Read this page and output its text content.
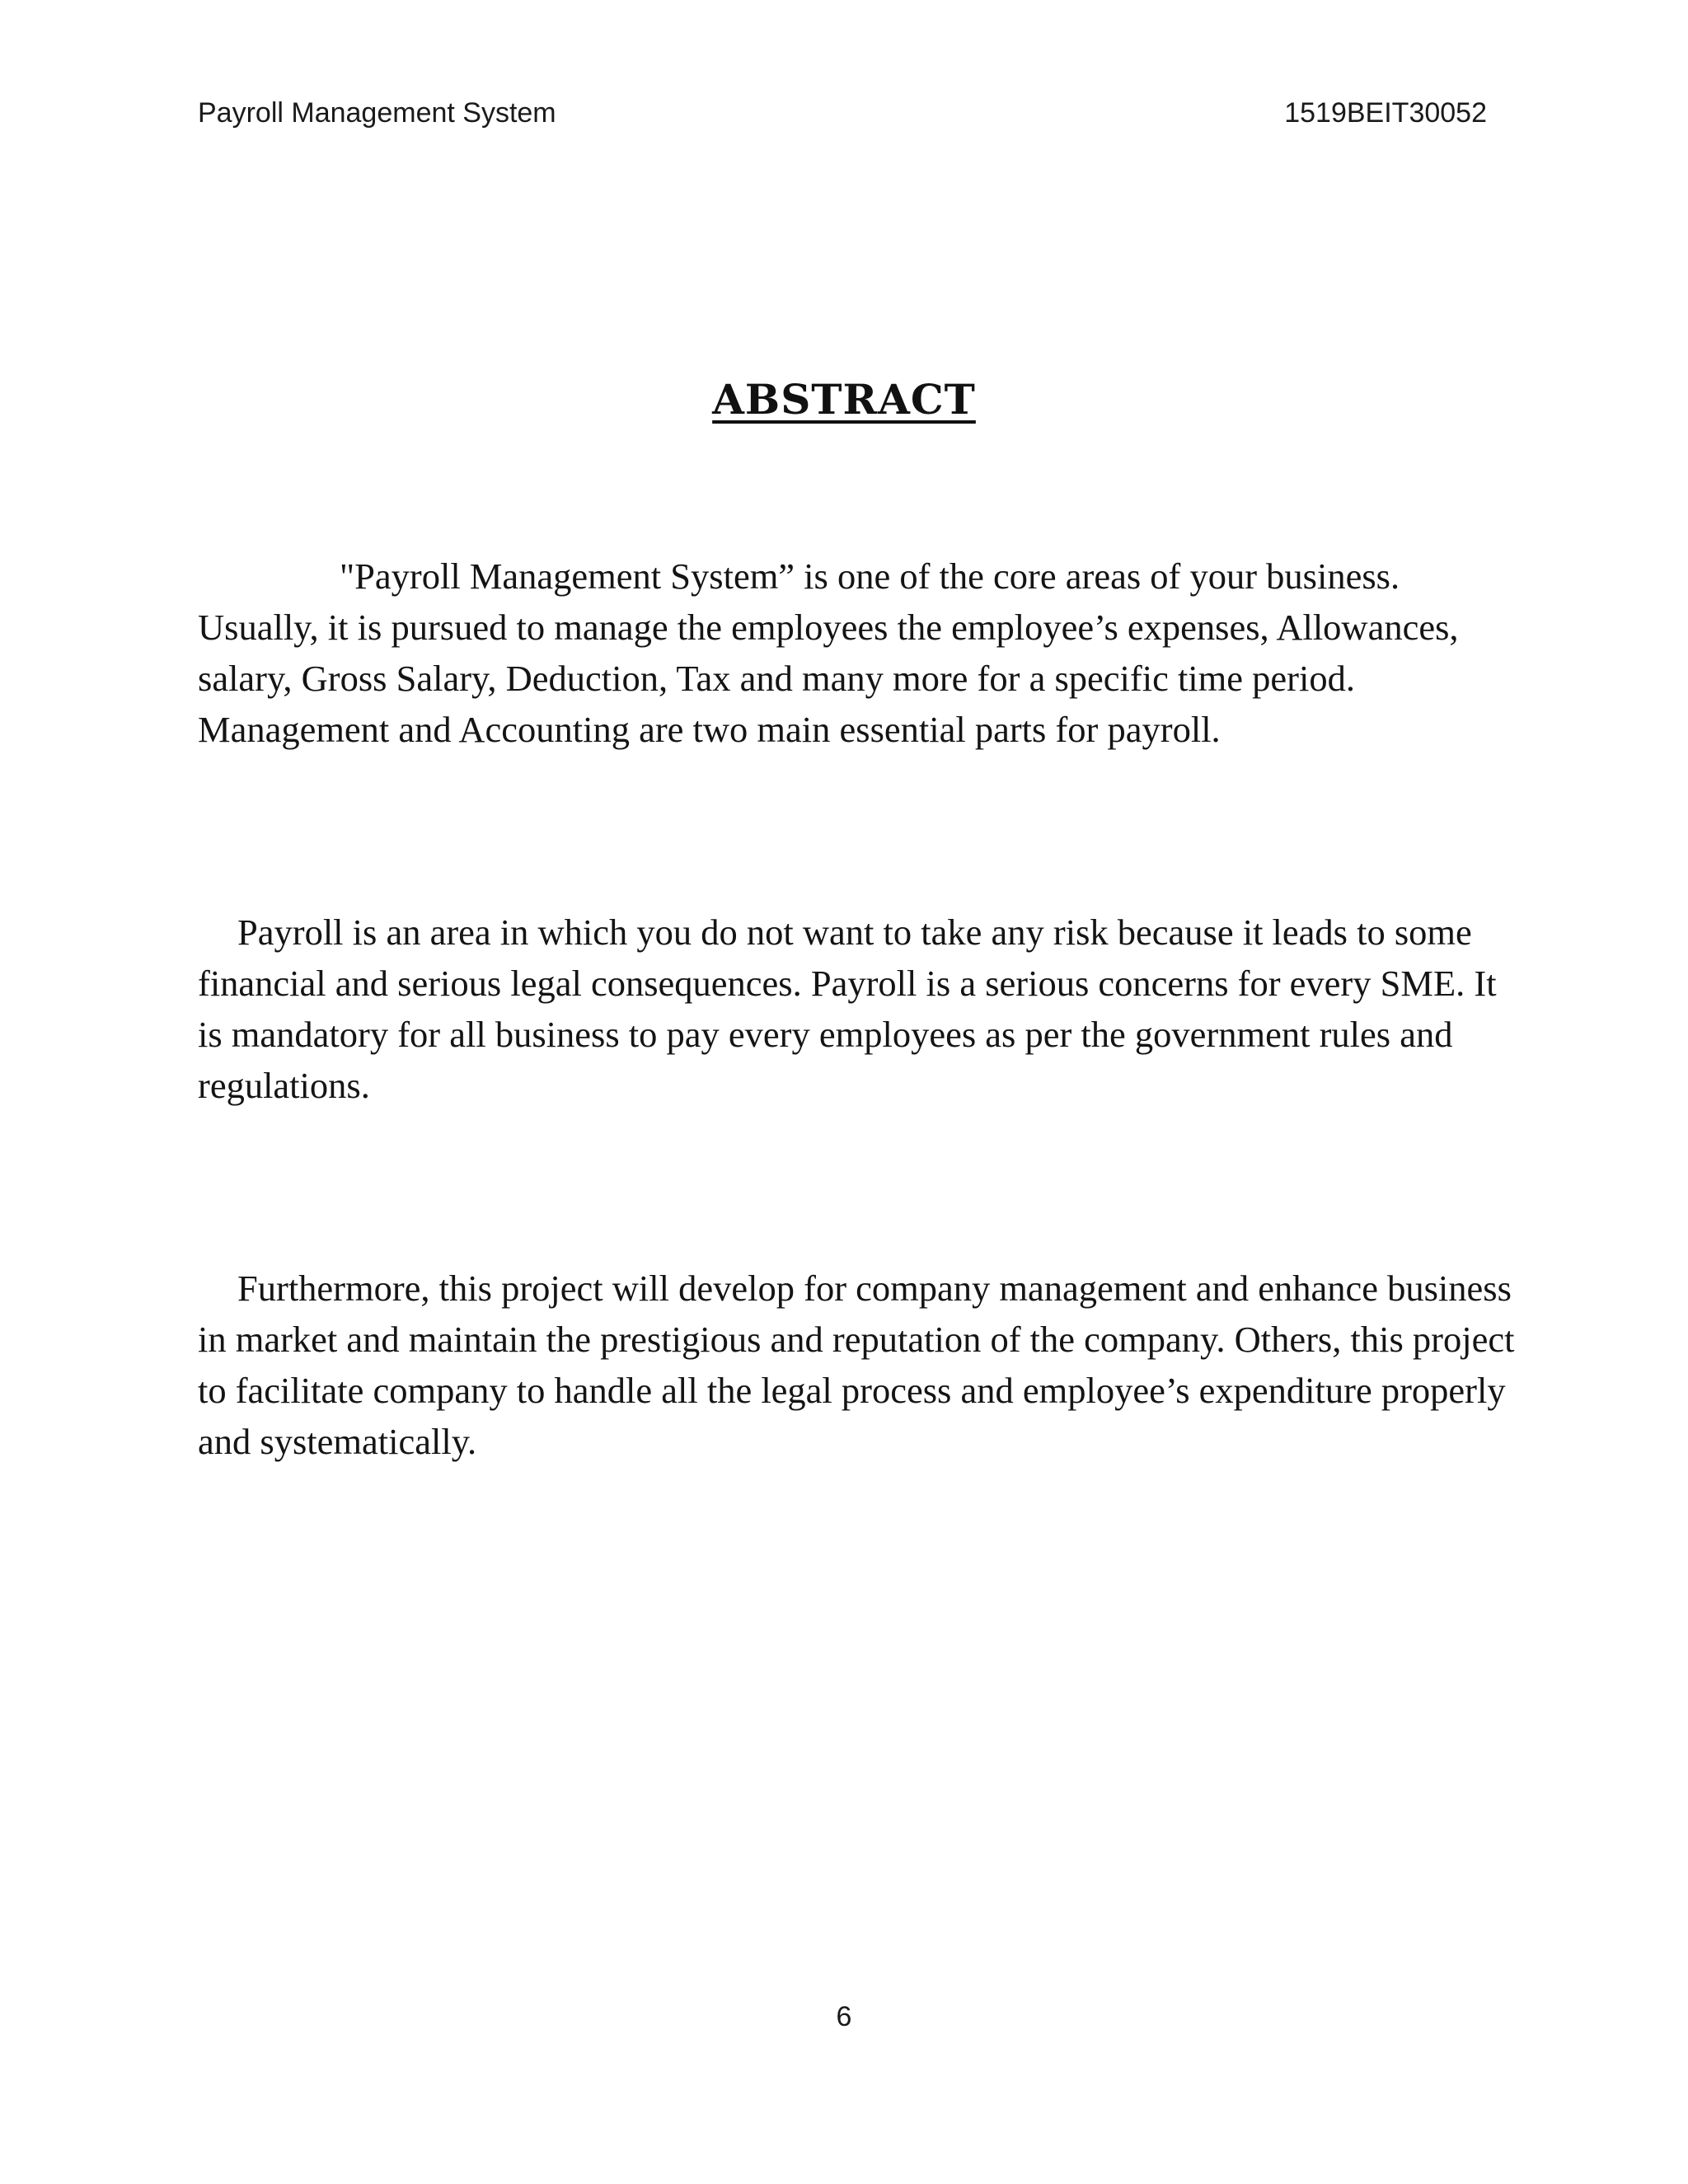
Payroll Management System	1519BEIT30052
ABSTRACT

"Payroll Management System” is one of the core areas of your business. Usually, it is pursued to manage the employees the employee’s expenses, Allowances, salary, Gross Salary, Deduction, Tax and many more for a specific time period. Management and Accounting are two main essential parts for payroll.

Payroll is an area in which you do not want to take any risk because it leads to some financial and serious legal consequences. Payroll is a serious concerns for every SME. It is mandatory for all business to pay every employees as per the government rules and regulations.

Furthermore, this project will develop for company management and enhance business in market and maintain the prestigious and reputation of the company. Others, this project to facilitate company to handle all the legal process and employee’s expenditure properly and systematically.

6
